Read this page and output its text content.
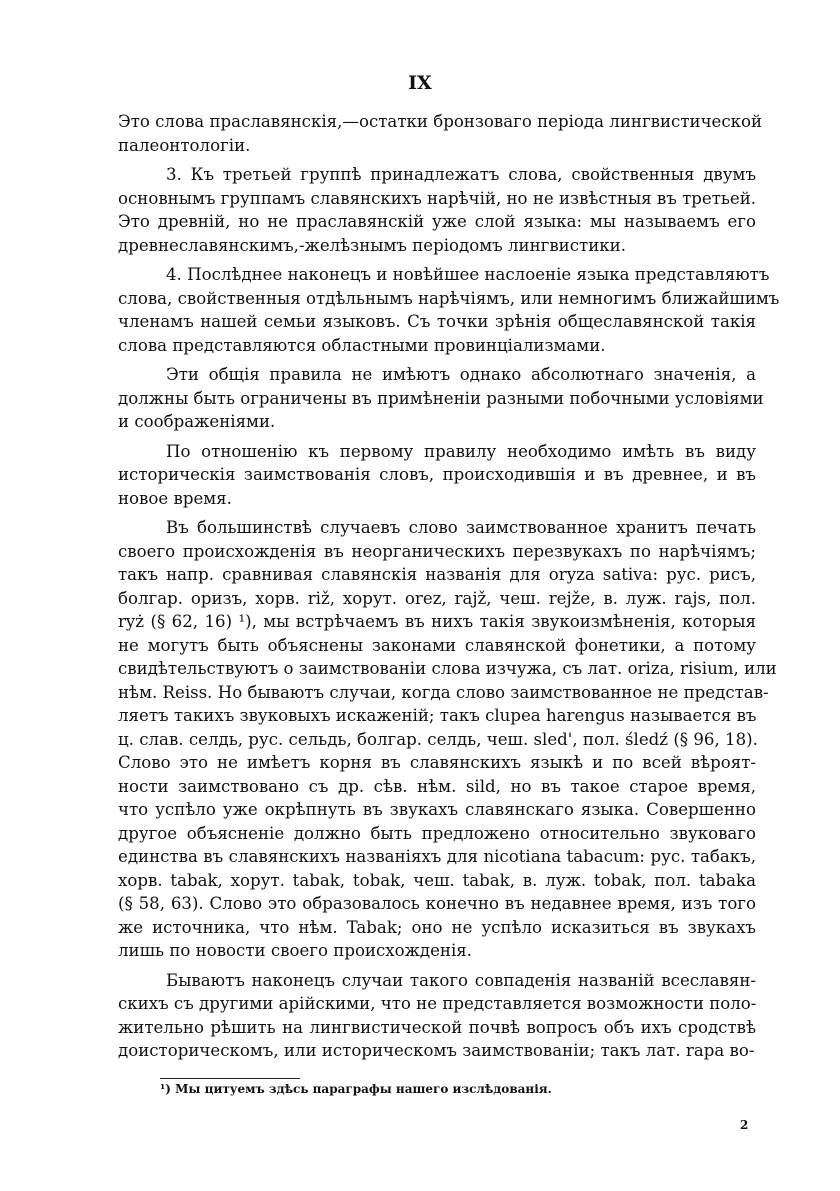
IX
Это слова праславянскія,—остатки бронзоваго періода лингвистической
палеонтологіи.
3. Къ третьей группѣ принадлежатъ слова, свойственныя двумъ
основнымъ группамъ славянскихъ нарѣчій, но не извѣстныя въ третьей.
Это древній, но не праславянскій уже слой языка: мы называемъ его
древнеславянскимъ,-желѣзнымъ періодомъ лингвистики.
4. Послѣднее наконецъ и новѣйшее наслоеніе языка представляютъ
слова, свойственныя отдѣльнымъ нарѣчіямъ, или немногимъ ближайшимъ
членамъ нашей семьи языковъ. Съ точки зрѣнія общеславянской такія
слова представляются областными провинціализмами.
Эти общія правила не имѣютъ однако абсолютнаго значенія, а
должны быть ограничены въ примѣненіи разными побочными условіями
и соображеніями.
По отношенію къ первому правилу необходимо имѣть въ виду
историческія заимствованія словъ, происходившія и въ древнее, и въ
новое время.
Въ большинствѣ случаевъ слово заимствованное хранитъ печать
своего происхожденія въ неорганическихъ перезвукахъ по нарѣчіямъ;
такъ напр. сравнивая славянскія названія для oryza sativa: рус. рисъ,
болгар. оризъ, хорв. riž, хорут. orez, rajž, чеш. rejže, в. луж. rajs, пол.
ryż (§ 62, 16) ¹), мы встрѣчаемъ въ нихъ такія звукоизмѣненія, которыя
не могутъ быть объяснены законами славянской фонетики, а потому
свидѣтельствуютъ о заимствованіи слова изчужа, съ лат. oriza, risium, или
нѣм. Reiss. Но бываютъ случаи, когда слово заимствованное не представ-
ляетъ такихъ звуковыхъ искаженій; такъ clupea harengus называется въ
ц. слав. селдь, рус. сельдь, болгар. селдь, чеш. sled', пол. śledź (§ 96, 18).
Слово это не имѣетъ корня въ славянскихъ языкѣ и по всей вѣроят-
ности заимствовано съ др. сѣв. нѣм. sild, но въ такое старое время,
что успѣло уже окрѣпнуть въ звукахъ славянскаго языка. Совершенно
другое объясненіе должно быть предложено относительно звуковаго
единства въ славянскихъ названіяхъ для nicotiana tabacum: рус. табакъ,
хорв. tabak, хорут. tabak, tobak, чеш. tabak, в. луж. tobak, пол. tabaka
(§ 58, 63). Слово это образовалось конечно въ недавнее время, изъ того
же источника, что нѣм. Tabak; оно не успѣло исказиться въ звукахъ
лишь по новости своего происхожденія.
Бываютъ наконецъ случаи такого совпаденія названій всеславян-
скихъ съ другими арійскими, что не представляется возможности поло-
жительно рѣшить на лингвистической почвѣ вопросъ объ ихъ сродствѣ
доисторическомъ, или историческомъ заимствованіи; такъ лат. rapa во-
¹) Мы цитуемъ здѣсь параграфы нашего изслѣдованія.
2
